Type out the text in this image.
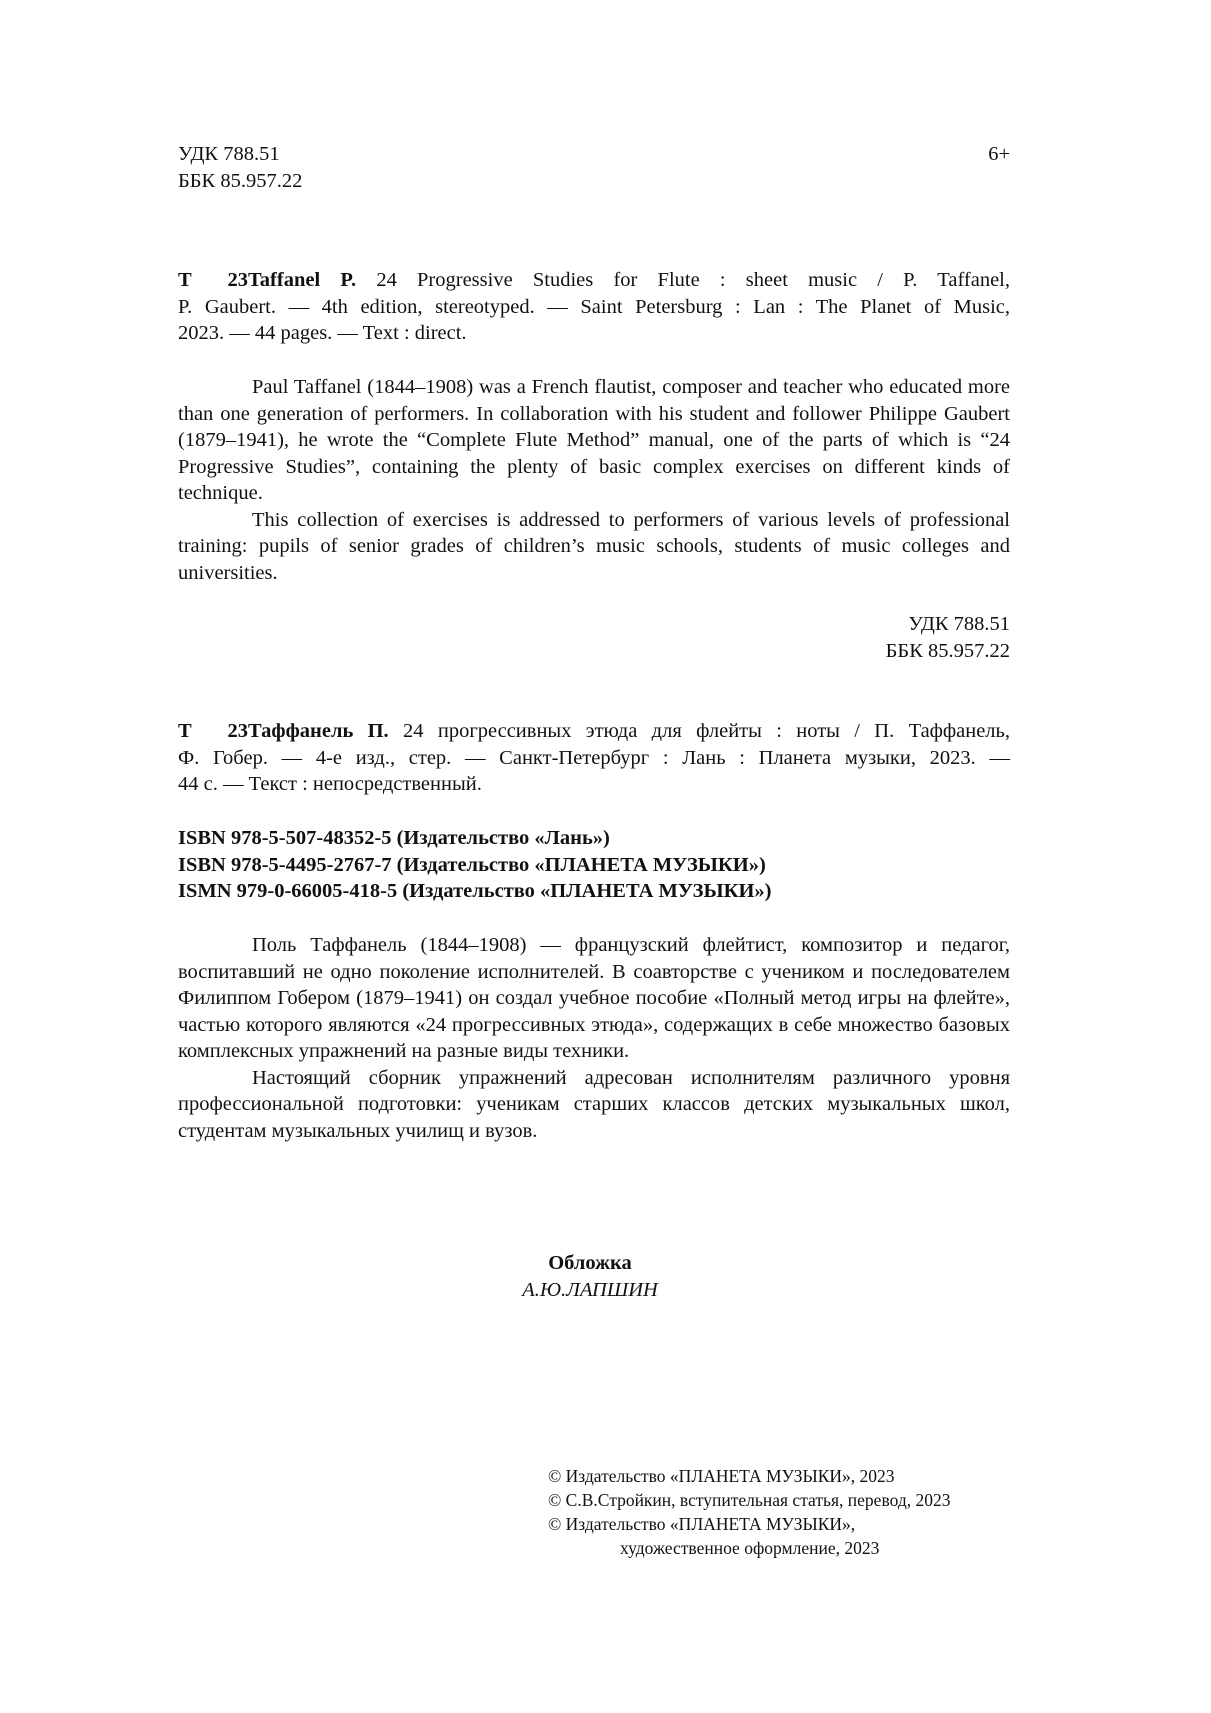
УДК 788.51
ББК 85.957.22
6+
Т 23Taffanel P. 24 Progressive Studies for Flute : sheet music / P. Taffanel,
P. Gaubert. — 4th edition, stereotyped. — Saint Petersburg : Lan : The Planet of Music,
2023. — 44 pages. — Text : direct.

Paul Taffanel (1844–1908) was a French flautist, composer and teacher who educated more than one generation of performers. In collaboration with his student and follower Philippe Gaubert (1879–1941), he wrote the “Complete Flute Method” manual, one of the parts of which is “24 Progressive Studies”, containing the plenty of basic complex exercises on different kinds of technique.

This collection of exercises is addressed to performers of various levels of professional training: pupils of senior grades of children’s music schools, students of music colleges and universities.

УДК 788.51
ББК 85.957.22
Т 23Таффанель П. 24 прогрессивных этюда для флейты : ноты / П. Таффанель,
Ф. Гобер. — 4-е изд., стер. — Санкт-Петербург : Лань : Планета музыки, 2023. —
44 с. — Текст : непосредственный.
ISBN 978-5-507-48352-5 (Издательство «Лань»)
ISBN 978-5-4495-2767-7 (Издательство «ПЛАНЕТА МУЗЫКИ»)
ISMN 979-0-66005-418-5 (Издательство «ПЛАНЕТА МУЗЫКИ»)

Поль Таффанель (1844–1908) — французский флейтист, композитор и педагог, воспитавший не одно поколение исполнителей. В соавторстве с учеником и последователем Филиппом Гобером (1879–1941) он создал учебное пособие «Полный метод игры на флейте», частью которого являются «24 прогрессивных этюда», содержащих в себе множество базовых комплексных упражнений на разные виды техники.

Настоящий сборник упражнений адресован исполнителям различного уровня профессиональной подготовки: ученикам старших классов детских музыкальных школ, студентам музыкальных училищ и вузов.

Обложка
А.Ю.ЛАПШИН
© Издательство «ПЛАНЕТА МУЗЫКИ», 2023
© С.В.Стройкин, вступительная статья, перевод, 2023
© Издательство «ПЛАНЕТА МУЗЫКИ»,
художественное оформление, 2023
